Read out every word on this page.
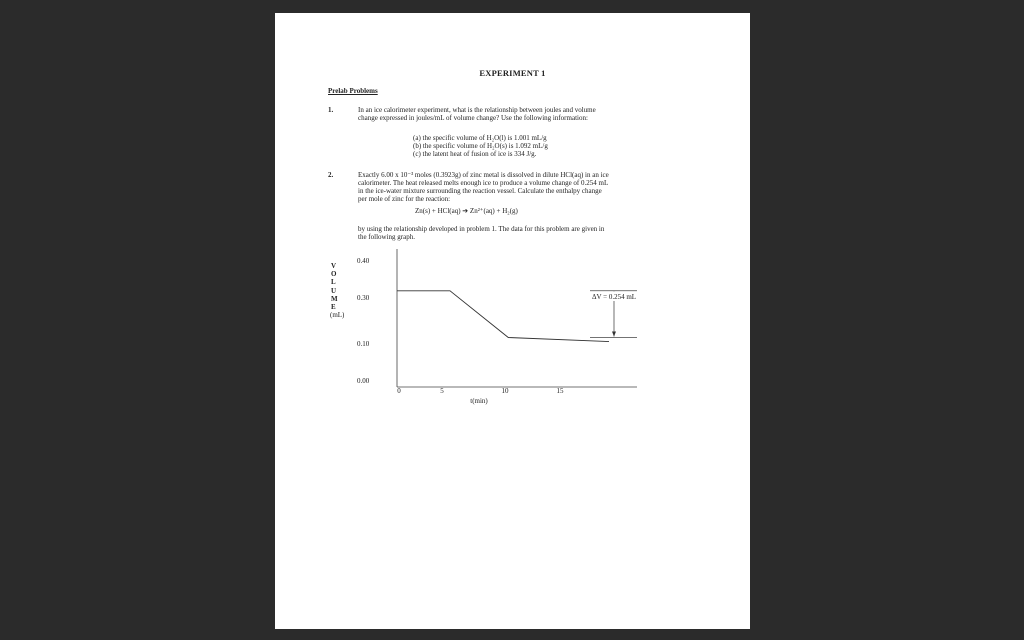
EXPERIMENT 1
Prelab Problems
1.	In an ice calorimeter experiment, what is the relationship between joules and volume
change expressed in joules/mL of volume change? Use the following information:
(a) the specific volume of H₂O(l) is 1.001 mL/g
(b) the specific volume of H₂O(s) is 1.092 mL/g
(c) the latent heat of fusion of ice is 334 J/g.
2.	Exactly 6.00 x 10⁻³ moles (0.3923g) of zinc metal is dissolved in dilute HCl(aq) in an ice
calorimeter. The heat released melts enough ice to produce a volume change of 0.254 mL
in the ice-water mixture surrounding the reaction vessel. Calculate the enthalpy change
per mole of zinc for the reaction:
Zn(s) + HCl(aq) ➔ Zn²⁺(aq) + H₂(g)
by using the relationship developed in problem 1. The data for this problem are given in
the following graph.
V
O
L
U
M
E
(mL)
0.40
0.30
0.10
0.00
0	5	10	15
t(min)
ΔV = 0.254 mL
